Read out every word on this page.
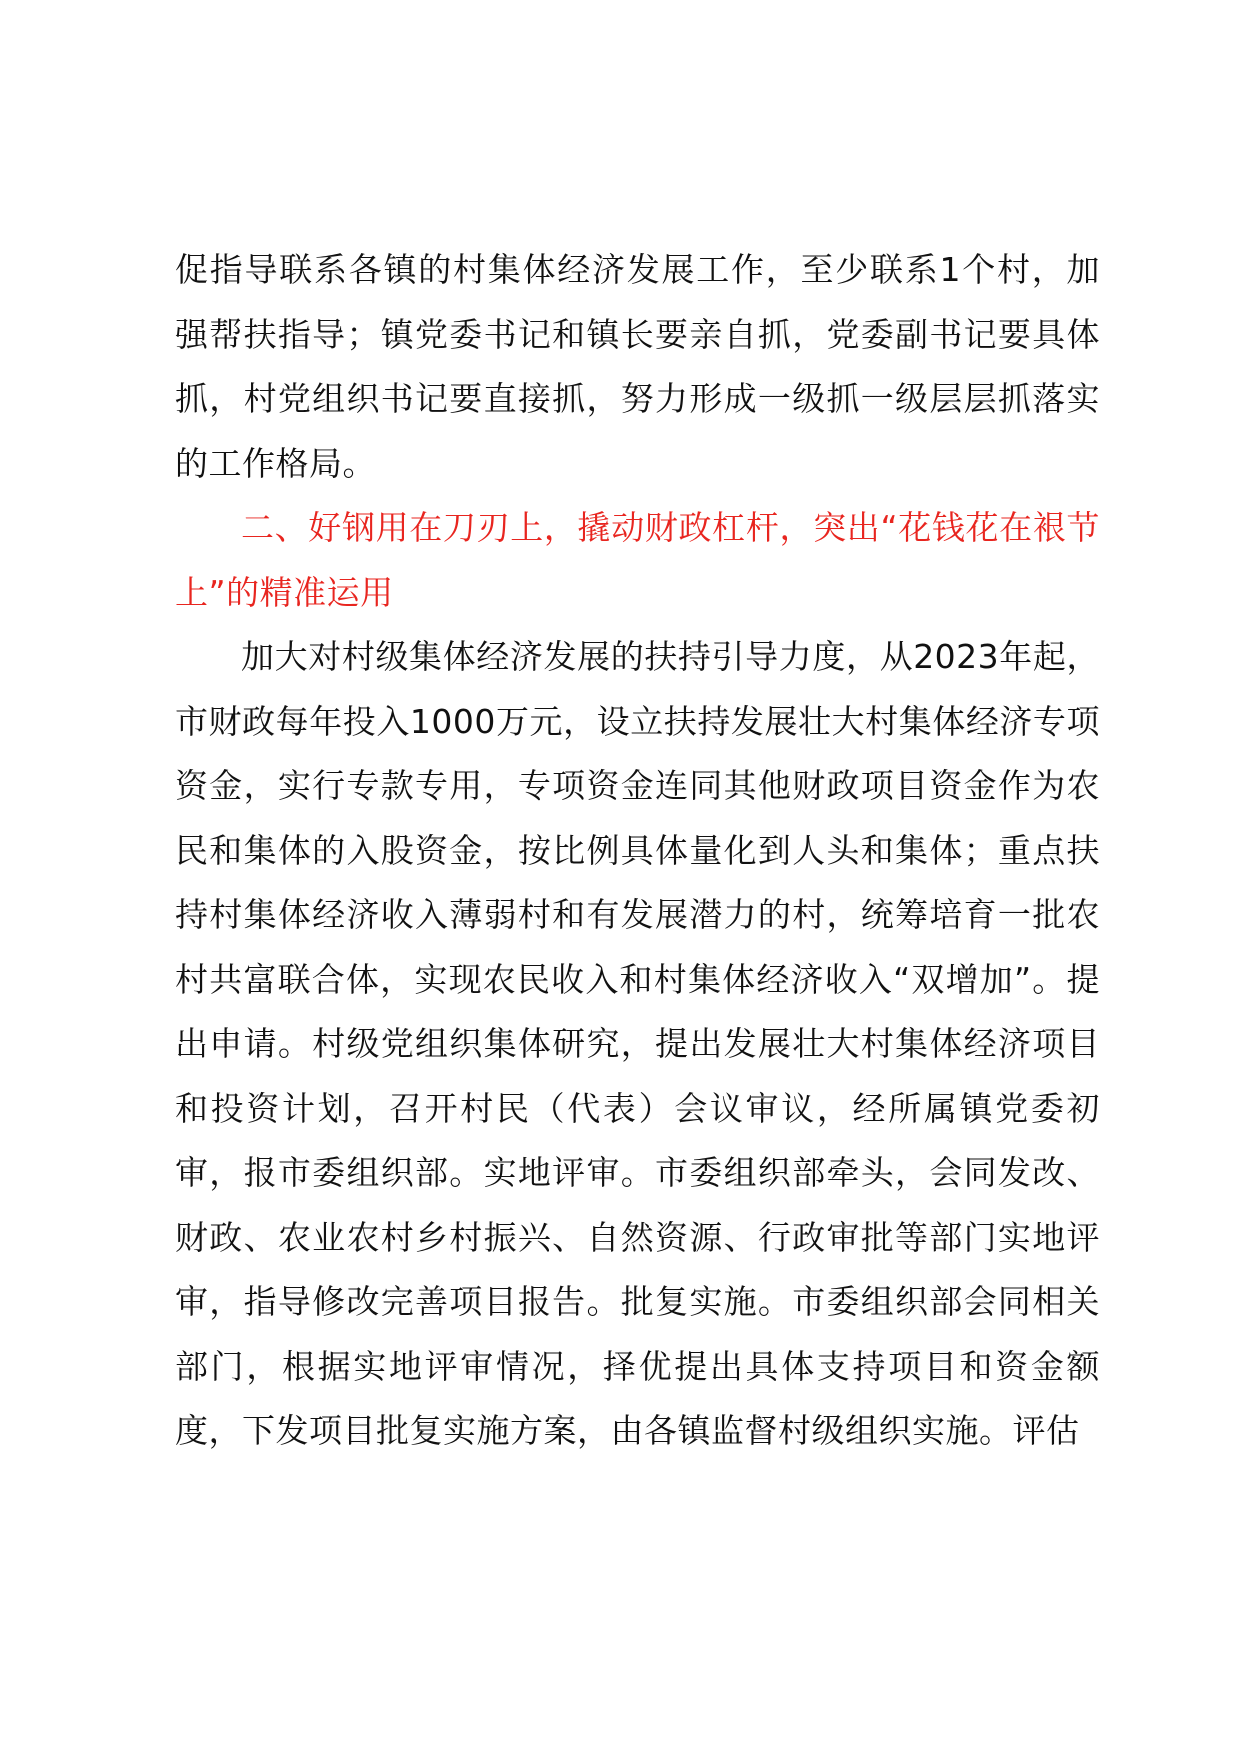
促指导联系各镇的村集体经济发展工作，至少联系1个村，加强帮扶指导；镇党委书记和镇长要亲自抓，党委副书记要具体抓，村党组织书记要直接抓，努力形成一级抓一级层层抓落实的工作格局。

二、好钢用在刀刃上，撬动财政杠杆，突出“花钱花在裉节上”的精准运用

加大对村级集体经济发展的扶持引导力度，从2023年起，市财政每年投入1000万元，设立扶持发展壮大村集体经济专项资金，实行专款专用，专项资金连同其他财政项目资金作为农民和集体的入股资金，按比例具体量化到人头和集体；重点扶持村集体经济收入薄弱村和有发展潜力的村，统筹培育一批农村共富联合体，实现农民收入和村集体经济收入“双增加”。提出申请。村级党组织集体研究，提出发展壮大村集体经济项目和投资计划，召开村民（代表）会议审议，经所属镇党委初审，报市委组织部。实地评审。市委组织部牵头，会同发改、财政、农业农村乡村振兴、自然资源、行政审批等部门实地评审，指导修改完善项目报告。批复实施。市委组织部会同相关部门，根据实地评审情况，择优提出具体支持项目和资金额度，下发项目批复实施方案，由各镇监督村级组织实施。评估
